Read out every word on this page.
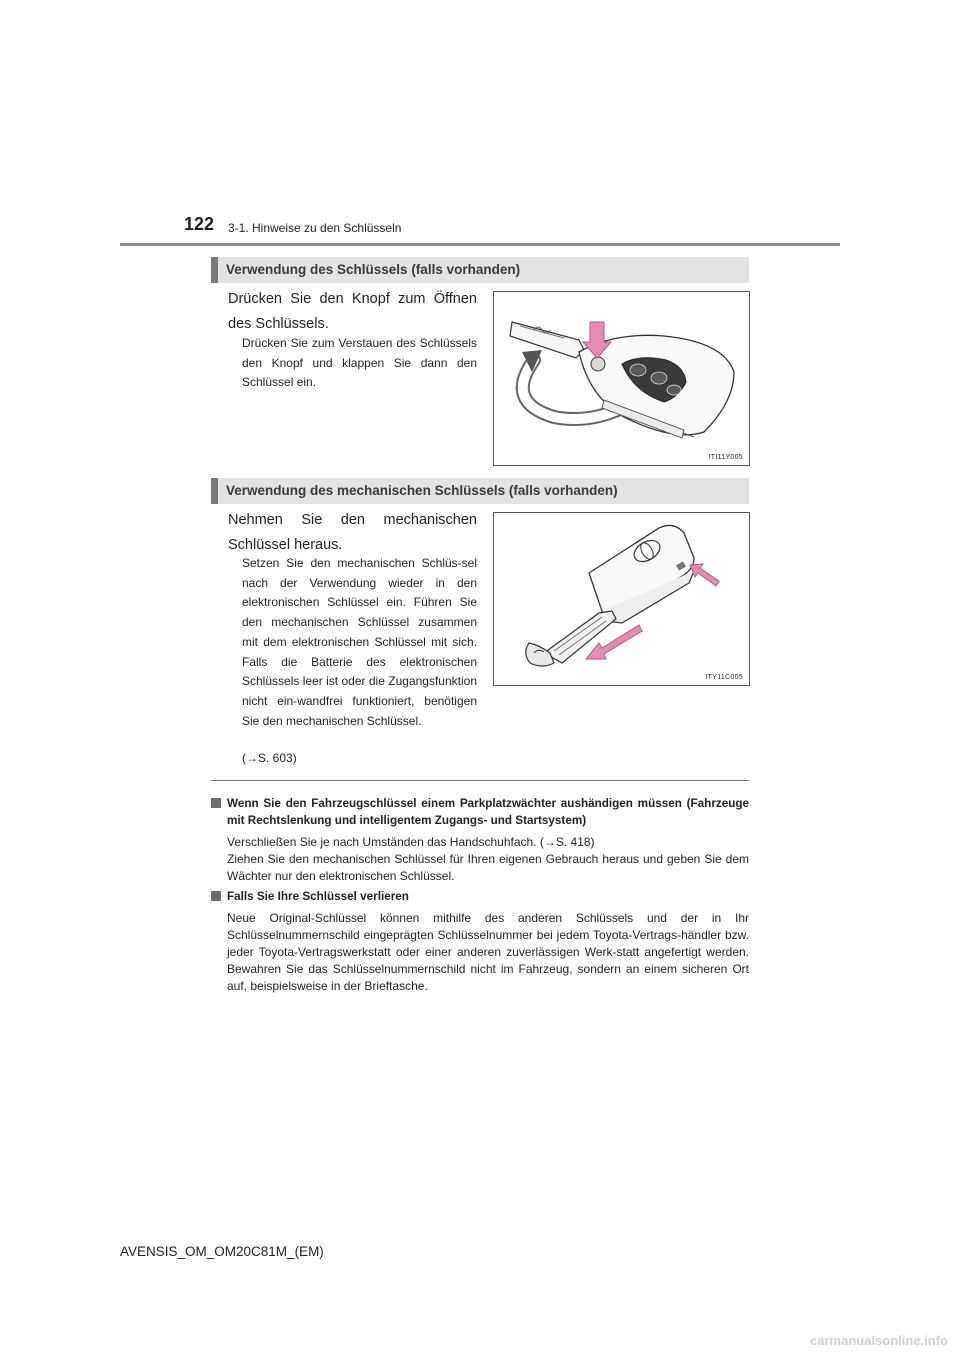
122 3-1. Hinweise zu den Schlüsseln
Verwendung des Schlüssels (falls vorhanden)
Drücken Sie den Knopf zum Öffnen des Schlüssels.
Drücken Sie zum Verstauen des Schlüssels den Knopf und klappen Sie dann den Schlüssel ein.
ITI11Y005
Verwendung des mechanischen Schlüssels (falls vorhanden)
Nehmen Sie den mechanischen Schlüssel heraus.
Setzen Sie den mechanischen Schlüs-sel nach der Verwendung wieder in den elektronischen Schlüssel ein. Führen Sie den mechanischen Schlüssel zusammen mit dem elektronischen Schlüssel mit sich. Falls die Batterie des elektronischen Schlüssels leer ist oder die Zugangsfunktion nicht ein-wandfrei funktioniert, benötigen Sie den mechanischen Schlüssel.
(→S. 603)
ITY11C005
Wenn Sie den Fahrzeugschlüssel einem Parkplatzwächter aushändigen müssen (Fahrzeuge mit Rechtslenkung und intelligentem Zugangs- und Startsystem)
Verschließen Sie je nach Umständen das Handschuhfach. (→S. 418)
Ziehen Sie den mechanischen Schlüssel für Ihren eigenen Gebrauch heraus und geben Sie dem Wächter nur den elektronischen Schlüssel.
Falls Sie Ihre Schlüssel verlieren
Neue Original-Schlüssel können mithilfe des anderen Schlüssels und der in Ihr Schlüsselnummernschild eingeprägten Schlüsselnummer bei jedem Toyota-Vertrags-händler bzw. jeder Toyota-Vertragswerkstatt oder einer anderen zuverlässigen Werk-statt angefertigt werden. Bewahren Sie das Schlüsselnummernschild nicht im Fahrzeug, sondern an einem sicheren Ort auf, beispielsweise in der Brieftasche.
AVENSIS_OM_OM20C81M_(EM)
carmanualsonline.info
